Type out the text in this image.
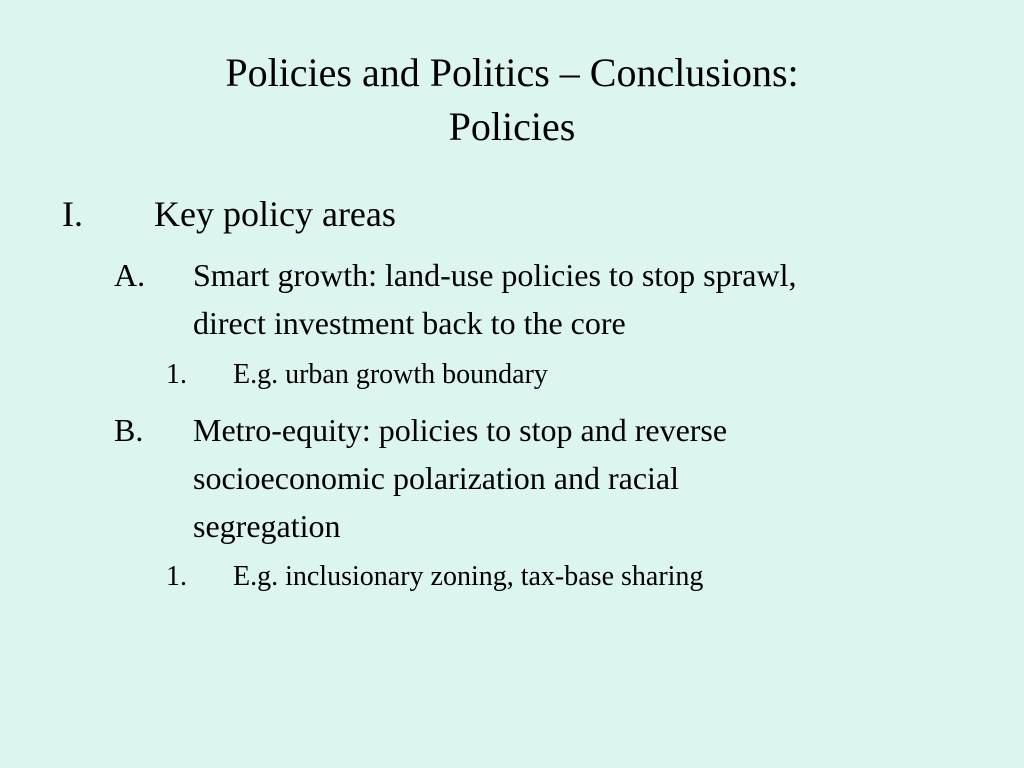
Policies and Politics – Conclusions:
Policies
I.	Key policy areas
A.	Smart growth: land-use policies to stop sprawl,
direct investment back to the core
1.	E.g. urban growth boundary
B.	Metro-equity: policies to stop and reverse
socioeconomic polarization and racial
segregation
1.	E.g. inclusionary zoning, tax-base sharing
